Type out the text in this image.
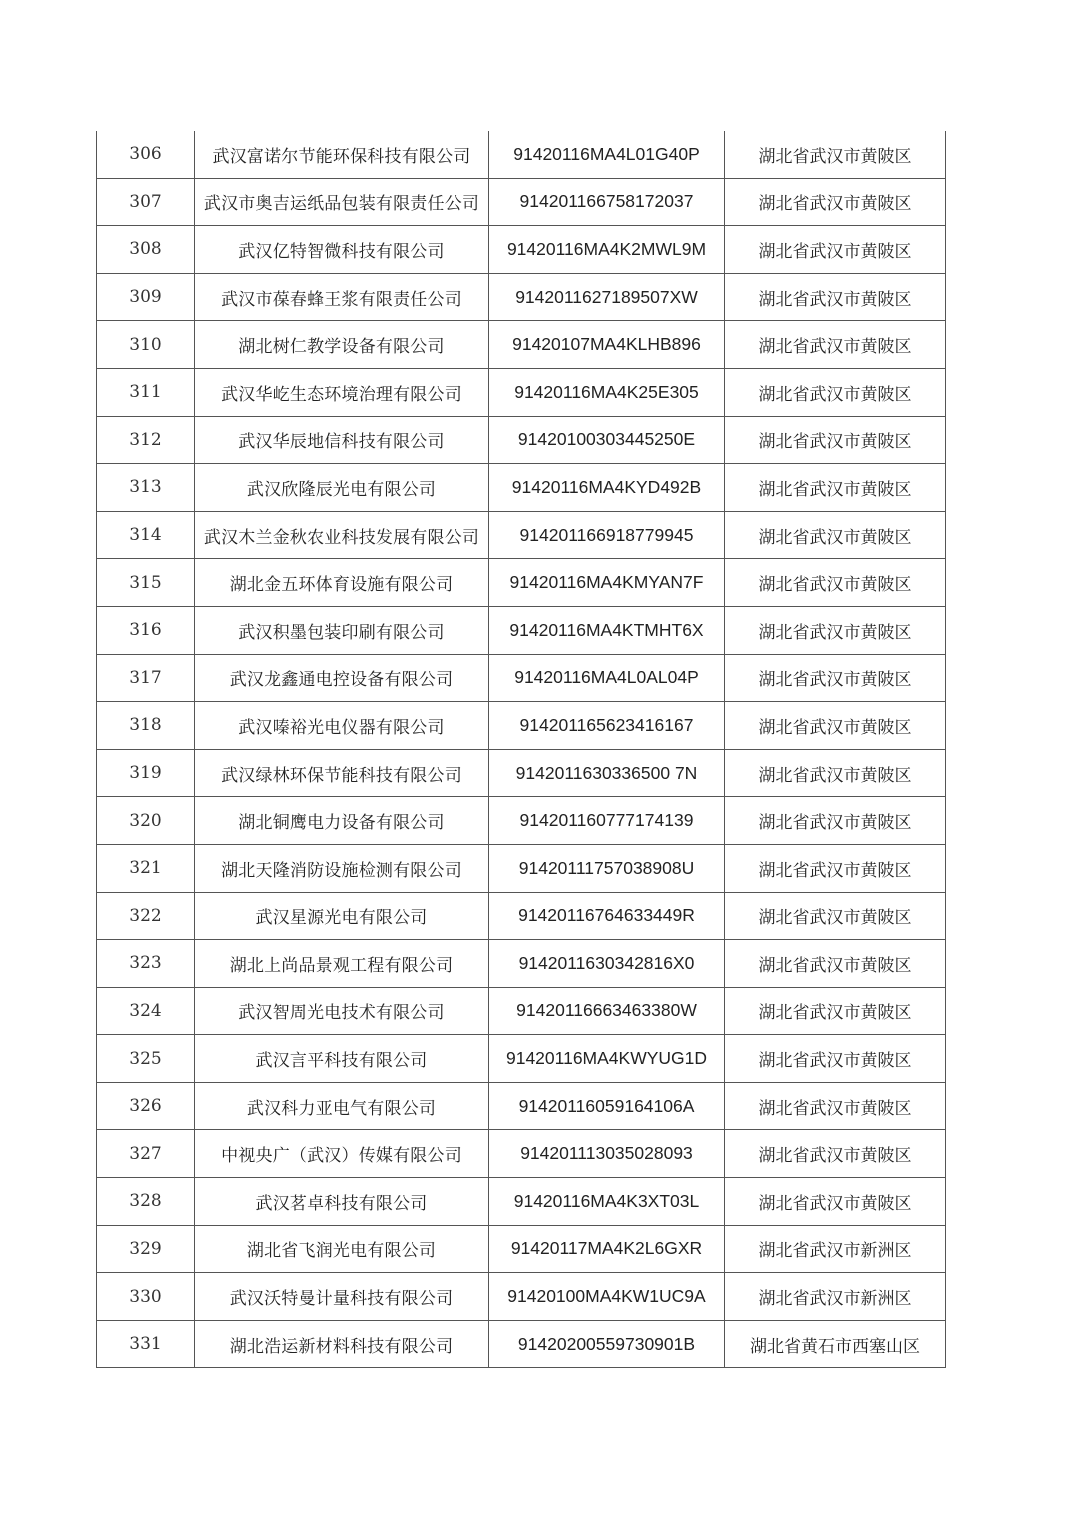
306	武汉富诺尔节能环保科技有限公司	91420116MA4L01G40P	湖北省武汉市黄陂区
307	武汉市奥吉运纸品包装有限责任公司	914201166758172037	湖北省武汉市黄陂区
308	武汉亿特智微科技有限公司	91420116MA4K2MWL9M	湖北省武汉市黄陂区
309	武汉市葆春蜂王浆有限责任公司	9142011627189507XW	湖北省武汉市黄陂区
310	湖北树仁教学设备有限公司	91420107MA4KLHB896	湖北省武汉市黄陂区
311	武汉华屹生态环境治理有限公司	91420116MA4K25E305	湖北省武汉市黄陂区
312	武汉华辰地信科技有限公司	91420100303445250E	湖北省武汉市黄陂区
313	武汉欣隆辰光电有限公司	91420116MA4KYD492B	湖北省武汉市黄陂区
314	武汉木兰金秋农业科技发展有限公司	914201166918779945	湖北省武汉市黄陂区
315	湖北金五环体育设施有限公司	91420116MA4KMYAN7F	湖北省武汉市黄陂区
316	武汉积墨包装印刷有限公司	91420116MA4KTMHT6X	湖北省武汉市黄陂区
317	武汉龙鑫通电控设备有限公司	91420116MA4L0AL04P	湖北省武汉市黄陂区
318	武汉嗪裕光电仪器有限公司	914201165623416167	湖北省武汉市黄陂区
319	武汉绿林环保节能科技有限公司	9142011630336500 7N	湖北省武汉市黄陂区
320	湖北铜鹰电力设备有限公司	914201160777174139	湖北省武汉市黄陂区
321	湖北天隆消防设施检测有限公司	91420111757038908U	湖北省武汉市黄陂区
322	武汉星源光电有限公司	91420116764633449R	湖北省武汉市黄陂区
323	湖北上尚品景观工程有限公司	9142011630342816X0	湖北省武汉市黄陂区
324	武汉智周光电技术有限公司	91420116663463380W	湖北省武汉市黄陂区
325	武汉言平科技有限公司	91420116MA4KWYUG1D	湖北省武汉市黄陂区
326	武汉科力亚电气有限公司	91420116059164106A	湖北省武汉市黄陂区
327	中视央广（武汉）传媒有限公司	914201113035028093	湖北省武汉市黄陂区
328	武汉茗卓科技有限公司	91420116MA4K3XT03L	湖北省武汉市黄陂区
329	湖北省飞润光电有限公司	91420117MA4K2L6GXR	湖北省武汉市新洲区
330	武汉沃特曼计量科技有限公司	91420100MA4KW1UC9A	湖北省武汉市新洲区
331	湖北浩运新材料科技有限公司	91420200559730901B	湖北省黄石市西塞山区
